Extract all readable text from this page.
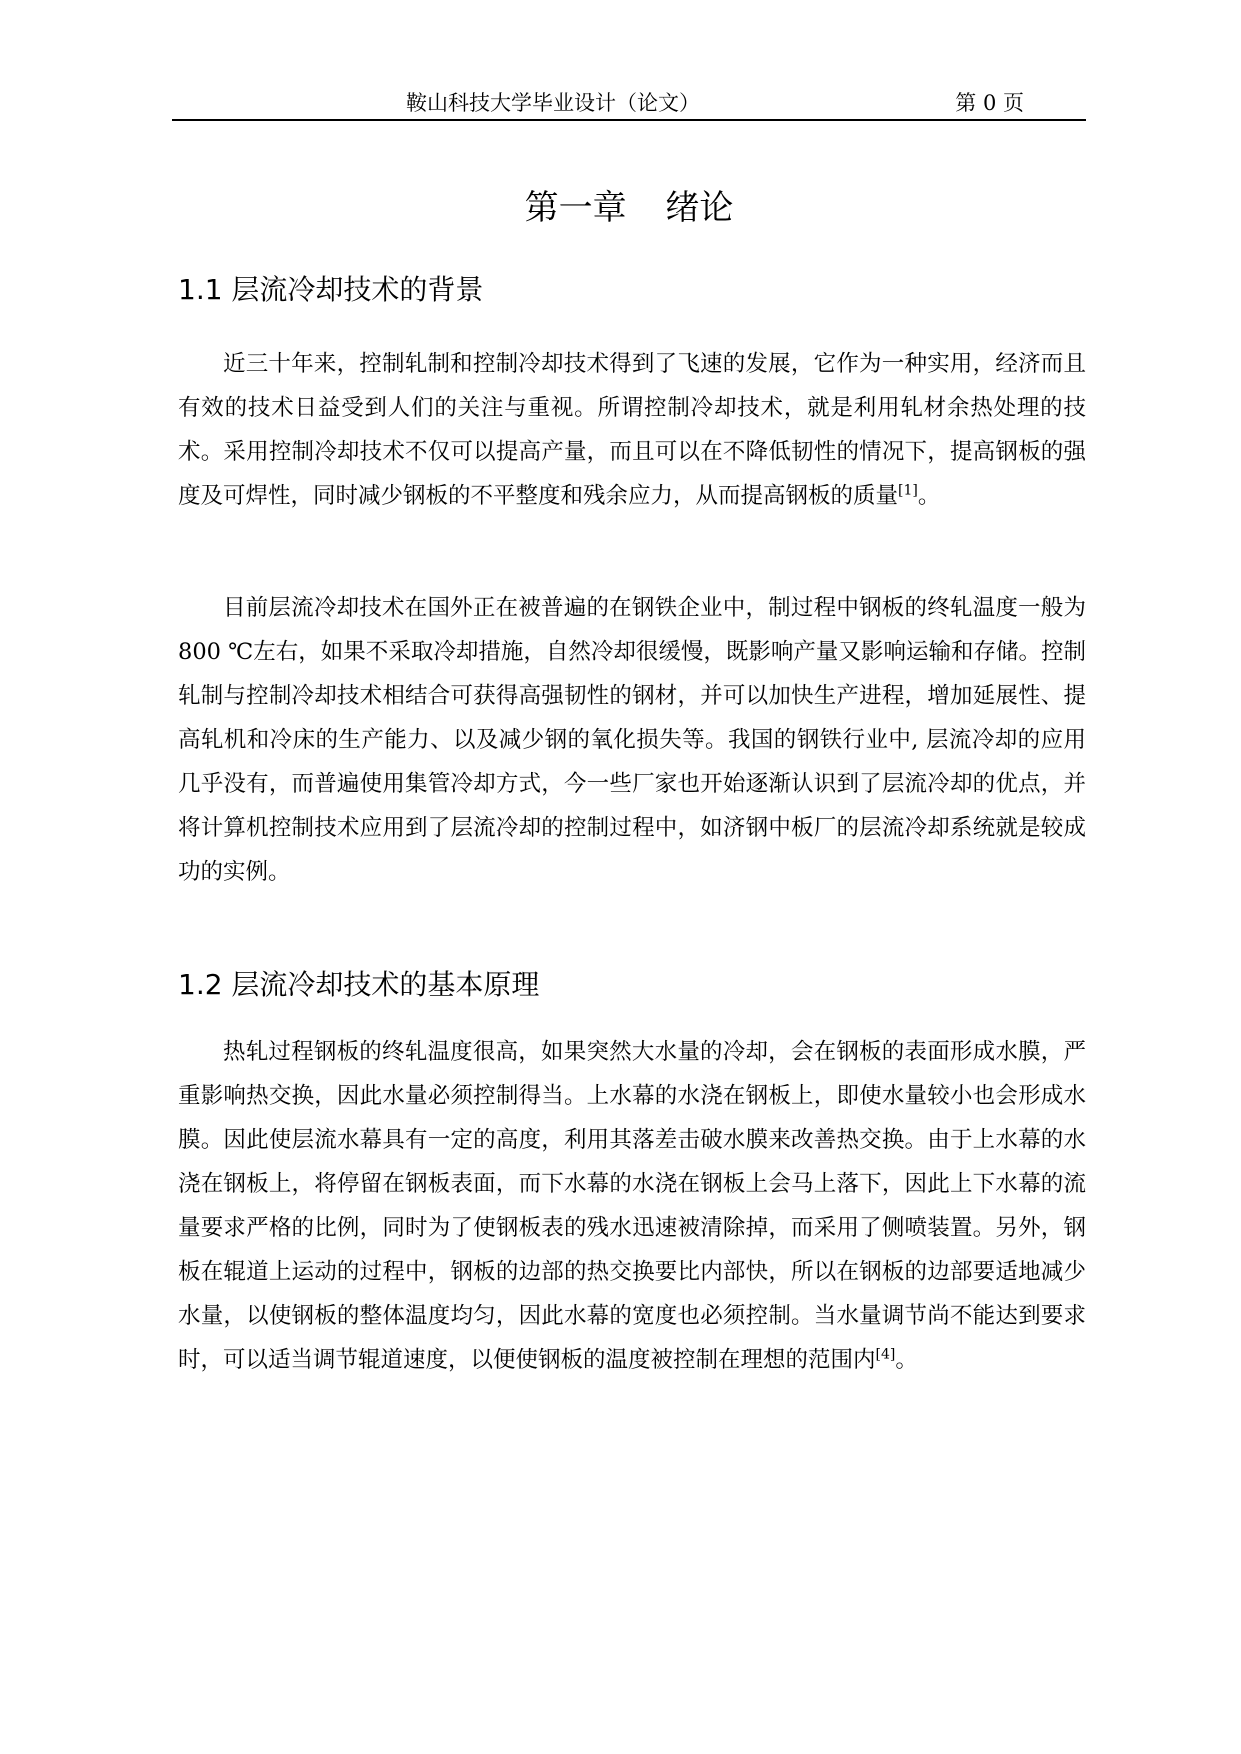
鞍山科技大学毕业设计（论文）	第 0 页
第一章 绪论
1.1 层流冷却技术的背景

近三十年来，控制轧制和控制冷却技术得到了飞速的发展，它作为一种实用，经济而且有效的技术日益受到人们的关注与重视。所谓控制冷却技术，就是利用轧材余热处理的技术。采用控制冷却技术不仅可以提高产量，而且可以在不降低韧性的情况下，提高钢板的强度及可焊性，同时减少钢板的不平整度和残余应力，从而提高钢板的质量[1]。

目前层流冷却技术在国外正在被普遍的在钢铁企业中，制过程中钢板的终轧温度一般为800 ℃左右，如果不采取冷却措施，自然冷却很缓慢，既影响产量又影响运输和存储。控制轧制与控制冷却技术相结合可获得高强韧性的钢材，并可以加快生产进程，增加延展性、提高轧机和冷床的生产能力、以及减少钢的氧化损失等。我国的钢铁行业中, 层流冷却的应用几乎没有，而普遍使用集管冷却方式，今一些厂家也开始逐渐认识到了层流冷却的优点，并将计算机控制技术应用到了层流冷却的控制过程中，如济钢中板厂的层流冷却系统就是较成功的实例。

1.2 层流冷却技术的基本原理

热轧过程钢板的终轧温度很高，如果突然大水量的冷却，会在钢板的表面形成水膜，严重影响热交换，因此水量必须控制得当。上水幕的水浇在钢板上，即使水量较小也会形成水膜。因此使层流水幕具有一定的高度，利用其落差击破水膜来改善热交换。由于上水幕的水浇在钢板上，将停留在钢板表面，而下水幕的水浇在钢板上会马上落下，因此上下水幕的流量要求严格的比例，同时为了使钢板表的残水迅速被清除掉，而采用了侧喷装置。另外，钢板在辊道上运动的过程中，钢板的边部的热交换要比内部快，所以在钢板的边部要适地减少水量，以使钢板的整体温度均匀，因此水幕的宽度也必须控制。当水量调节尚不能达到要求时，可以适当调节辊道速度，以便使钢板的温度被控制在理想的范围内[4]。
